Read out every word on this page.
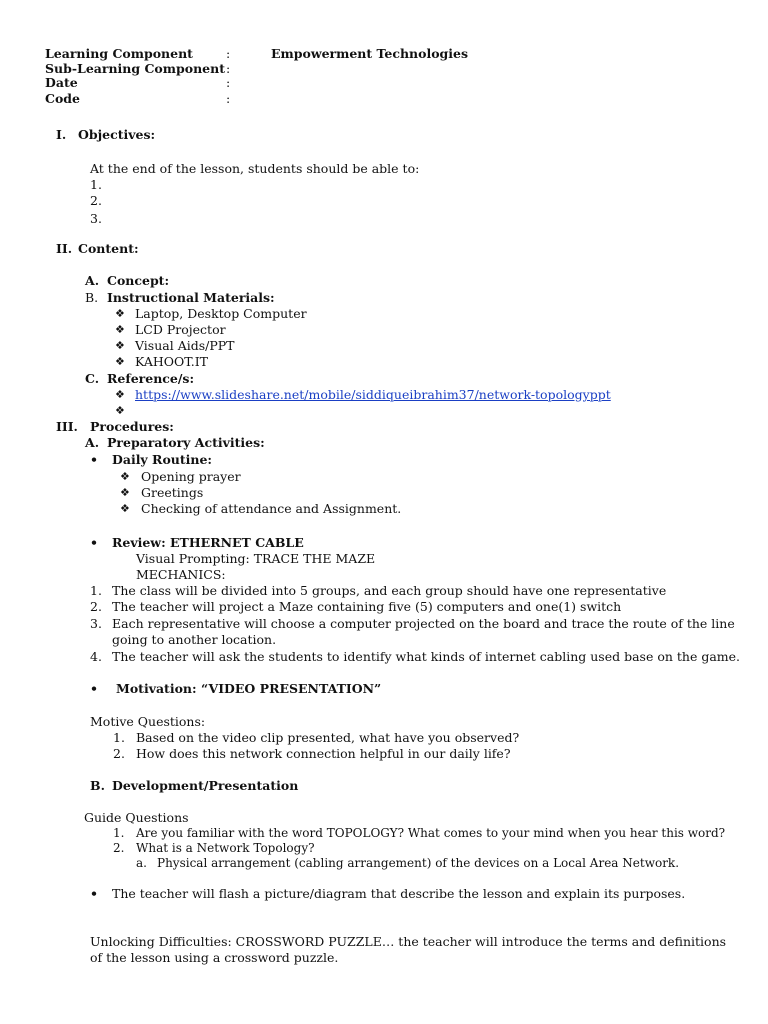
Learning Component	:	Empowerment Technologies
Sub-Learning Component :
Date	:
Code	:
I. Objectives:
At the end of the lesson, students should be able to:
1.
2.
3.
II. Content:
A. Concept:
B. Instructional Materials:
❖ Laptop, Desktop Computer
❖ LCD Projector
❖ Visual Aids/PPT
❖ KAHOOT.IT
C. Reference/s:
❖ https://www.slideshare.net/mobile/siddiqueibrahim37/network-topologyppt
❖
III. Procedures:
A. Preparatory Activities:
• Daily Routine:
❖ Opening prayer
❖ Greetings
❖ Checking of attendance and Assignment.
• Review: ETHERNET CABLE
Visual Prompting: TRACE THE MAZE
MECHANICS:
1. The class will be divided into 5 groups, and each group should have one representative
2. The teacher will project a Maze containing five (5) computers and one(1) switch
3. Each representative will choose a computer projected on the board and trace the route of the line
going to another location.
4. The teacher will ask the students to identify what kinds of internet cabling used base on the game.
• Motivation: “VIDEO PRESENTATION”
Motive Questions:
1. Based on the video clip presented, what have you observed?
2. How does this network connection helpful in our daily life?
B. Development/Presentation
Guide Questions
1. Are you familiar with the word TOPOLOGY? What comes to your mind when you hear this word?
2. What is a Network Topology?
a. Physical arrangement (cabling arrangement) of the devices on a Local Area Network.
• The teacher will flash a picture/diagram that describe the lesson and explain its purposes.
Unlocking Difficulties: CROSSWORD PUZZLE… the teacher will introduce the terms and definitions
of the lesson using a crossword puzzle.
